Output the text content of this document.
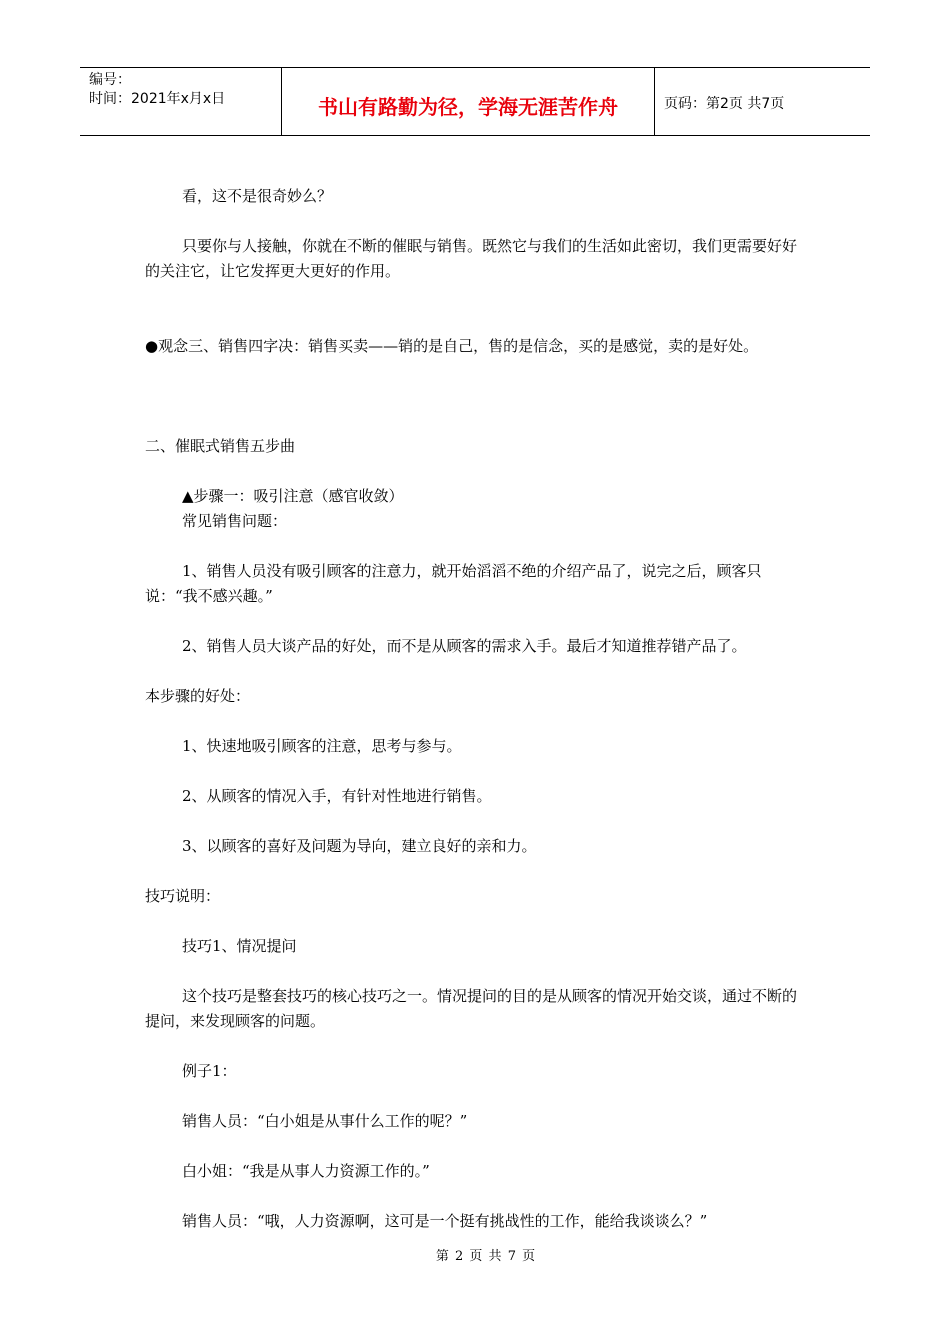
编号：
时间：2021年x月x日	书山有路勤为径，学海无涯苦作舟	页码：第2页 共7页

看，这不是很奇妙么？

只要你与人接触，你就在不断的催眠与销售。既然它与我们的生活如此密切，我们更需要好好的关注它，让它发挥更大更好的作用。

●观念三、销售四字决：销售买卖——销的是自己，售的是信念，买的是感觉，卖的是好处。

二、催眠式销售五步曲

▲步骤一：吸引注意（感官收敛）

常见销售问题：

1、销售人员没有吸引顾客的注意力，就开始滔滔不绝的介绍产品了，说完之后，顾客只说：“我不感兴趣。”

2、销售人员大谈产品的好处，而不是从顾客的需求入手。最后才知道推荐错产品了。

本步骤的好处：

1、快速地吸引顾客的注意，思考与参与。

2、从顾客的情况入手，有针对性地进行销售。

3、以顾客的喜好及问题为导向，建立良好的亲和力。

技巧说明：

技巧1、情况提问

这个技巧是整套技巧的核心技巧之一。情况提问的目的是从顾客的情况开始交谈，通过不断的提问，来发现顾客的问题。

例子1：

销售人员：“白小姐是从事什么工作的呢？”

白小姐：“我是从事人力资源工作的。”

销售人员：“哦，人力资源啊，这可是一个挺有挑战性的工作，能给我谈谈么？”

第 2 页 共 7 页
